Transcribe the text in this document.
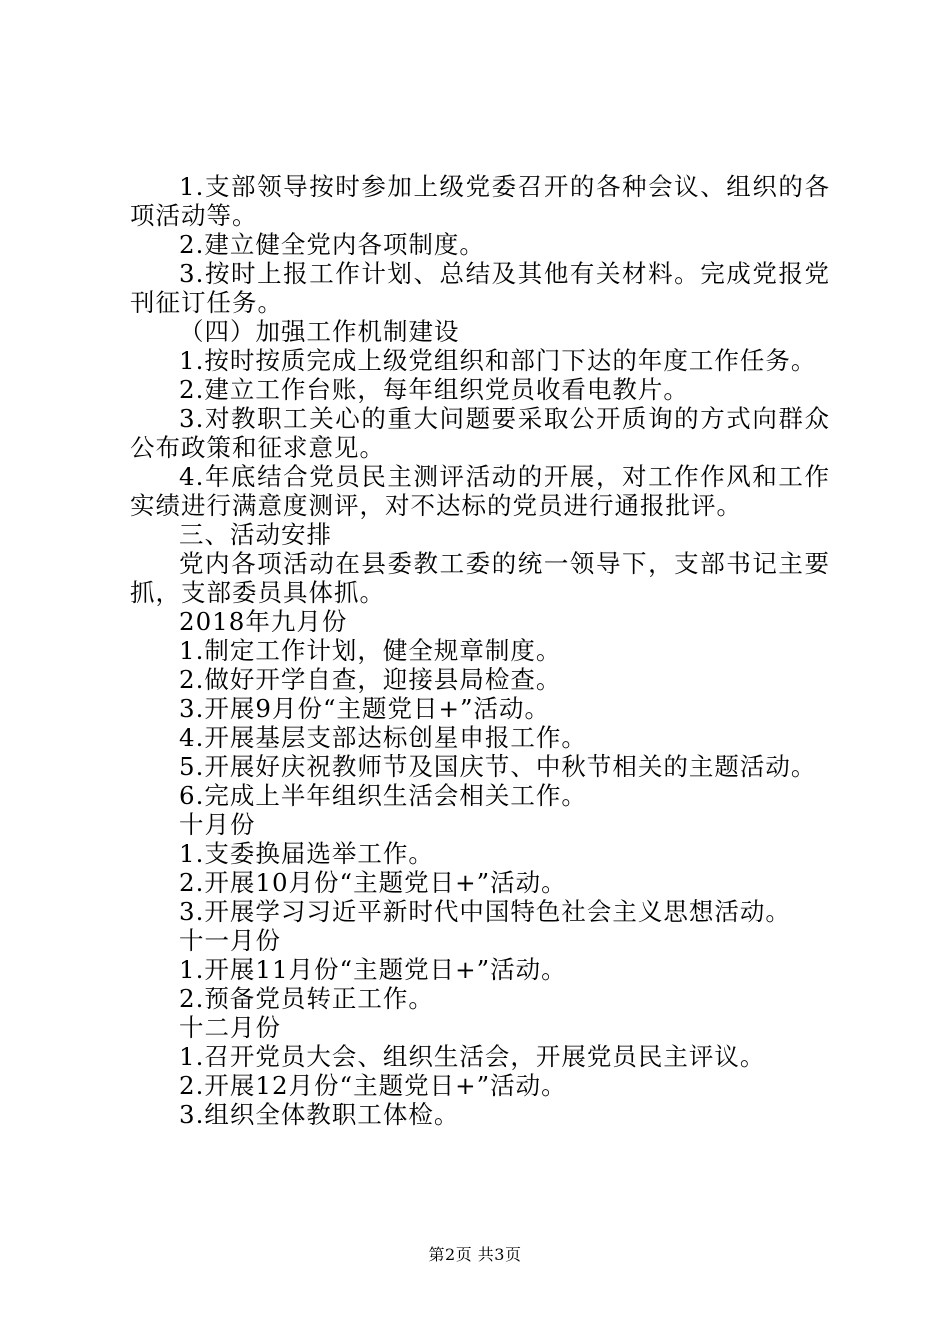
1.支部领导按时参加上级党委召开的各种会议、组织的各项活动等。

2.建立健全党内各项制度。

3.按时上报工作计划、总结及其他有关材料。完成党报党刊征订任务。

（四）加强工作机制建设

1.按时按质完成上级党组织和部门下达的年度工作任务。

2.建立工作台账，每年组织党员收看电教片。

3.对教职工关心的重大问题要采取公开质询的方式向群众公布政策和征求意见。

4.年底结合党员民主测评活动的开展，对工作作风和工作实绩进行满意度测评，对不达标的党员进行通报批评。

三、活动安排

党内各项活动在县委教工委的统一领导下，支部书记主要抓，支部委员具体抓。

2018年九月份

1.制定工作计划，健全规章制度。

2.做好开学自查，迎接县局检查。

3.开展9月份“主题党日+”活动。

4.开展基层支部达标创星申报工作。

5.开展好庆祝教师节及国庆节、中秋节相关的主题活动。

6.完成上半年组织生活会相关工作。

十月份

1.支委换届选举工作。

2.开展10月份“主题党日+”活动。

3.开展学习习近平新时代中国特色社会主义思想活动。

十一月份

1.开展11月份“主题党日+”活动。

2.预备党员转正工作。

十二月份

1.召开党员大会、组织生活会，开展党员民主评议。

2.开展12月份“主题党日+”活动。

3.组织全体教职工体检。

第2页 共3页
